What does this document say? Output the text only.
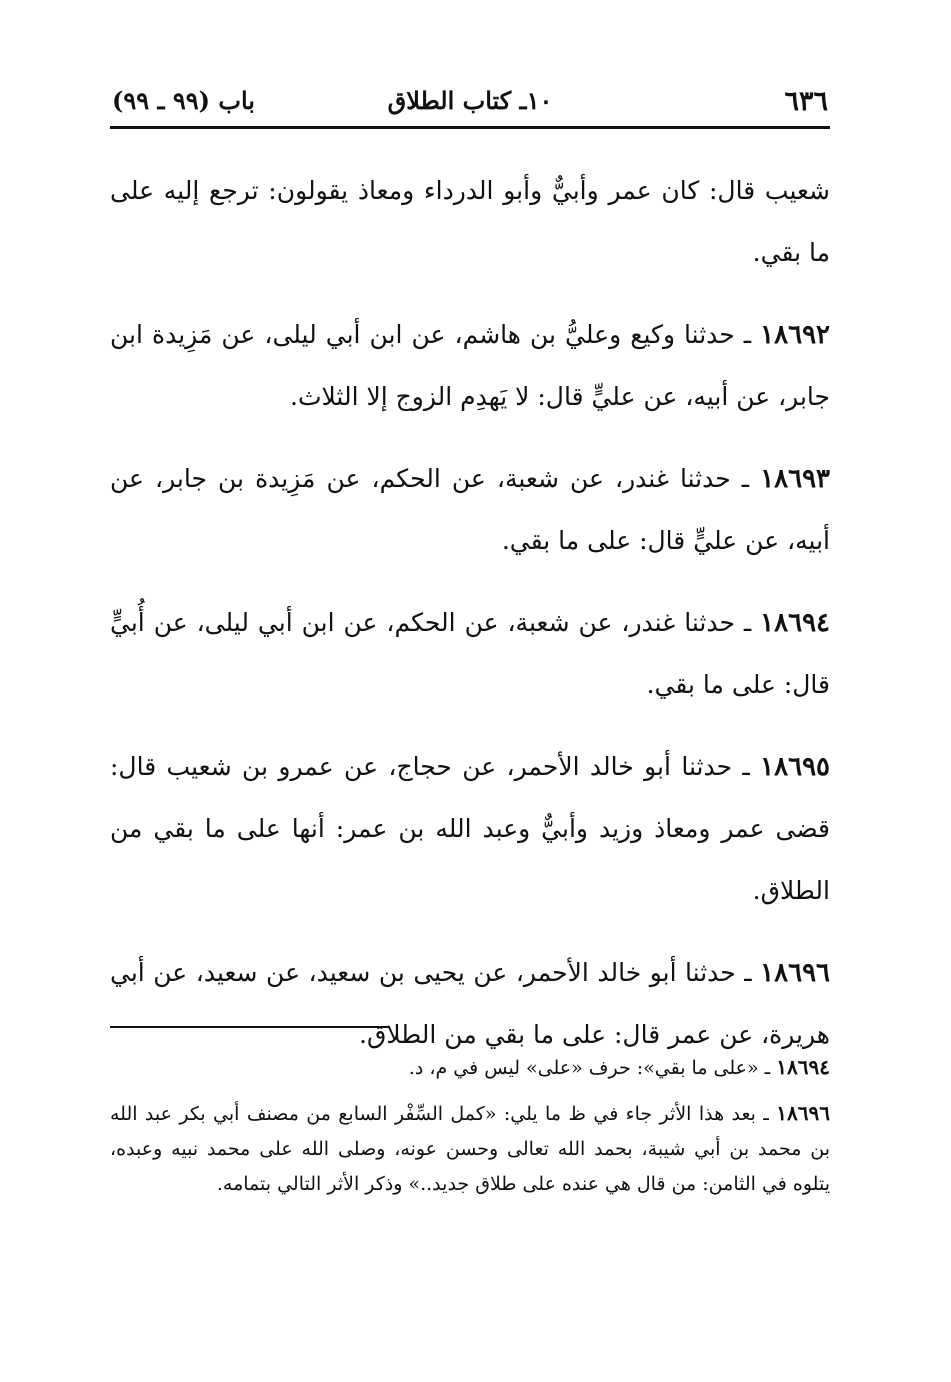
٦٣٦
١٠ـ كتاب الطلاق
باب (٩٩ ـ ٩٩)

شعيب قال: كان عمر وأبيٌّ وأبو الدرداء ومعاذ يقولون: ترجع إليه على ما بقي.

١٨٦٩٢ ـ حدثنا وكيع وعليُّ بن هاشم، عن ابن أبي ليلى، عن مَزِيدة ابن جابر، عن أبيه، عن عليٍّ قال: لا يَهدِم الزوج إلا الثلاث.

١٨٦٩٣ ـ حدثنا غندر، عن شعبة، عن الحكم، عن مَزِيدة بن جابر، عن أبيه، عن عليٍّ قال: على ما بقي.

١٨٦٩٤ ـ حدثنا غندر، عن شعبة، عن الحكم، عن ابن أبي ليلى، عن أُبيٍّ قال: على ما بقي.

١٨٦٩٥ ـ حدثنا أبو خالد الأحمر، عن حجاج، عن عمرو بن شعيب قال: قضى عمر ومعاذ وزيد وأبيٌّ وعبد الله بن عمر: أنها على ما بقي من الطلاق.

١٨٦٩٦ ـ حدثنا أبو خالد الأحمر، عن يحيى بن سعيد، عن سعيد، عن أبي هريرة، عن عمر قال: على ما بقي من الطلاق.

١٨٦٩٤ ـ «على ما بقي»: حرف «على» ليس في م، د.

١٨٦٩٦ ـ بعد هذا الأثر جاء في ظ ما يلي: «كمل السِّفْر السابع من مصنف أبي بكر عبد الله بن محمد بن أبي شيبة، بحمد الله تعالى وحسن عونه، وصلى الله على محمد نبيه وعبده، يتلوه في الثامن: من قال هي عنده على طلاق جديد..» وذكر الأثر التالي بتمامه.
